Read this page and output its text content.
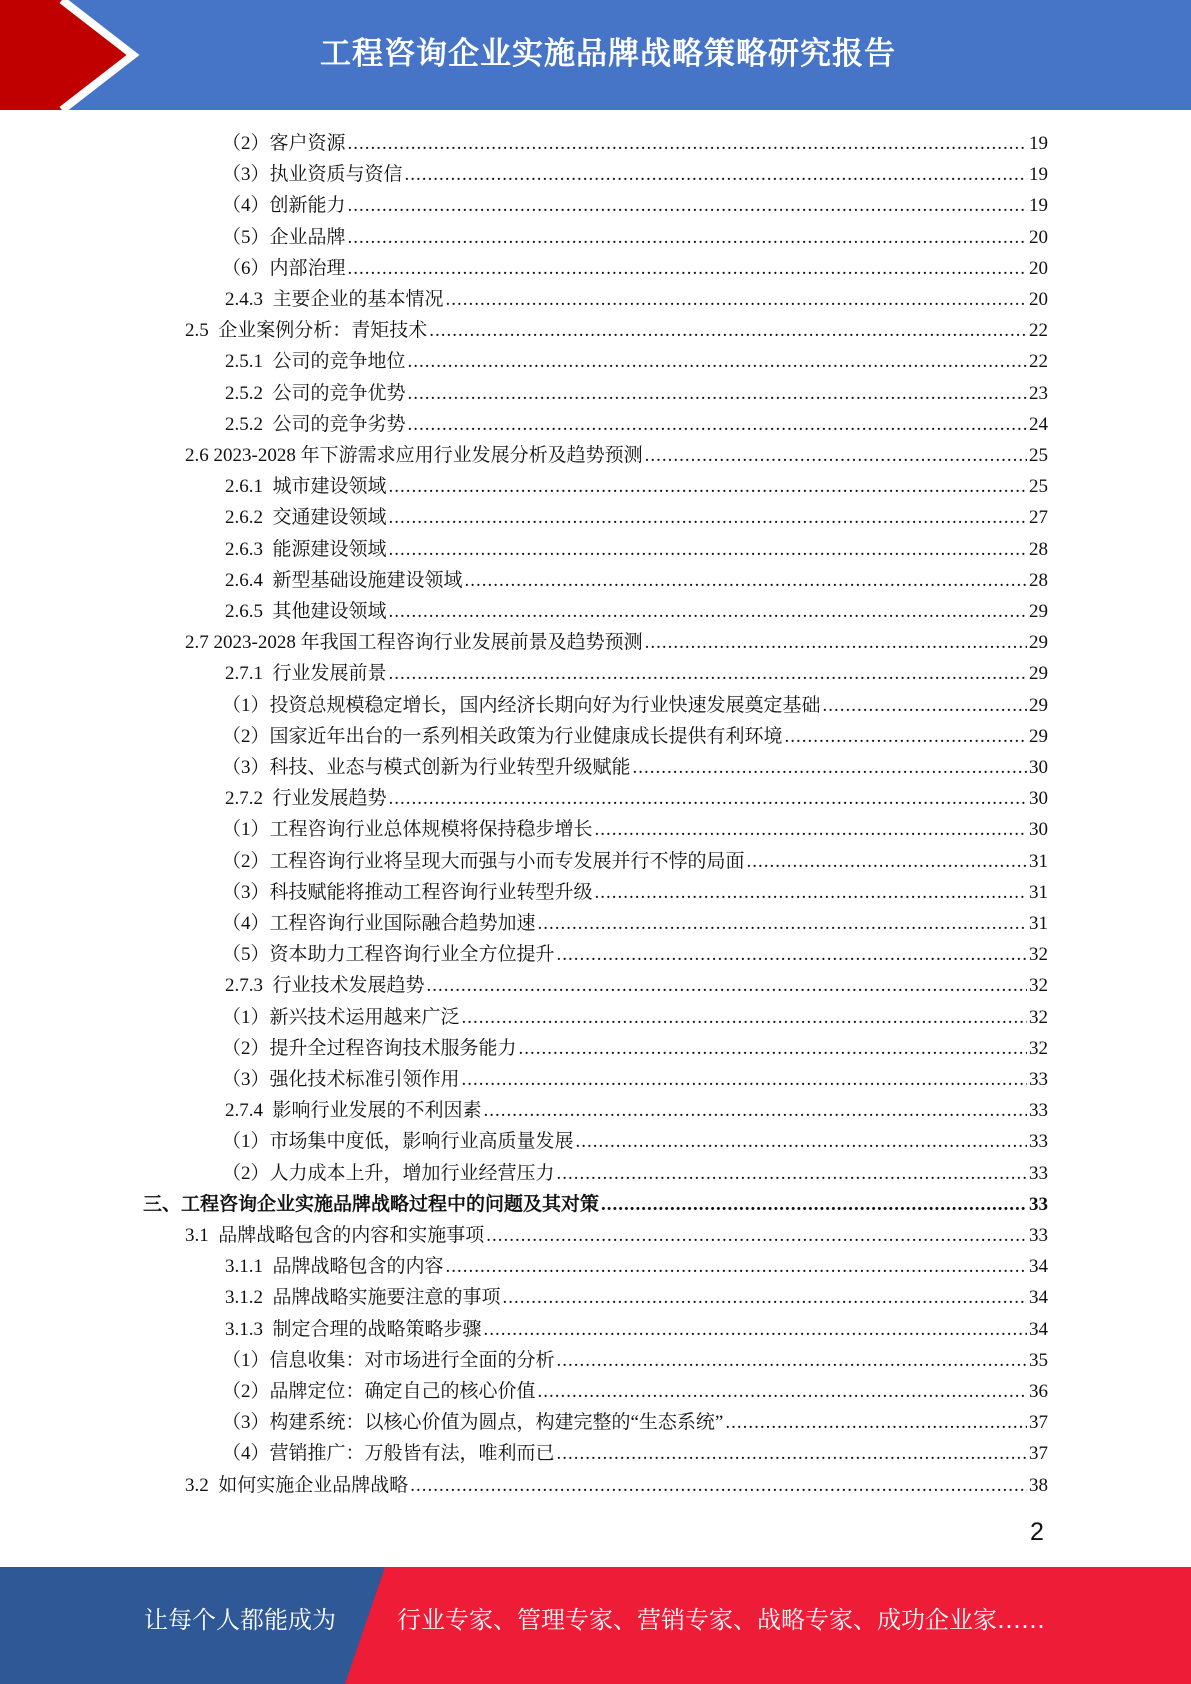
工程咨询企业实施品牌战略策略研究报告
（2）客户资源 .....	19
（3）执业资质与资信 .....	19
（4）创新能力 .....	19
（5）企业品牌 .....	20
（6）内部治理 .....	20
2.4.3  主要企业的基本情况 .....	20
2.5  企业案例分析：青矩技术 .....	22
2.5.1  公司的竞争地位 .....	22
2.5.2  公司的竞争优势 .....	23
2.5.2  公司的竞争劣势 .....	24
2.6 2023-2028 年下游需求应用行业发展分析及趋势预测 .....	25
2.6.1  城市建设领域 .....	25
2.6.2  交通建设领域 .....	27
2.6.3  能源建设领域 .....	28
2.6.4  新型基础设施建设领域 .....	28
2.6.5  其他建设领域 .....	29
2.7 2023-2028 年我国工程咨询行业发展前景及趋势预测 .....	29
2.7.1  行业发展前景 .....	29
（1）投资总规模稳定增长，国内经济长期向好为行业快速发展奠定基础 .....	29
（2）国家近年出台的一系列相关政策为行业健康成长提供有利环境 .....	29
（3）科技、业态与模式创新为行业转型升级赋能 .....	30
2.7.2  行业发展趋势 .....	30
（1）工程咨询行业总体规模将保持稳步增长 .....	30
（2）工程咨询行业将呈现大而强与小而专发展并行不悖的局面 .....	31
（3）科技赋能将推动工程咨询行业转型升级 .....	31
（4）工程咨询行业国际融合趋势加速 .....	31
（5）资本助力工程咨询行业全方位提升 .....	32
2.7.3  行业技术发展趋势 .....	32
（1）新兴技术运用越来广泛 .....	32
（2）提升全过程咨询技术服务能力 .....	32
（3）强化技术标准引领作用 .....	33
2.7.4  影响行业发展的不利因素 .....	33
（1）市场集中度低，影响行业高质量发展 .....	33
（2）人力成本上升，增加行业经营压力 .....	33
三、工程咨询企业实施品牌战略过程中的问题及其对策 .....	33
3.1  品牌战略包含的内容和实施事项 .....	33
3.1.1  品牌战略包含的内容 .....	34
3.1.2  品牌战略实施要注意的事项 .....	34
3.1.3  制定合理的战略策略步骤 .....	34
（1）信息收集：对市场进行全面的分析 .....	35
（2）品牌定位：确定自己的核心价值 .....	36
（3）构建系统：以核心价值为圆点，构建完整的“生态系统” .....	37
（4）营销推广：万般皆有法，唯利而已 .....	37
3.2  如何实施企业品牌战略 .....	38
2
让每个人都能成为	行业专家、管理专家、营销专家、战略专家、成功企业家……
